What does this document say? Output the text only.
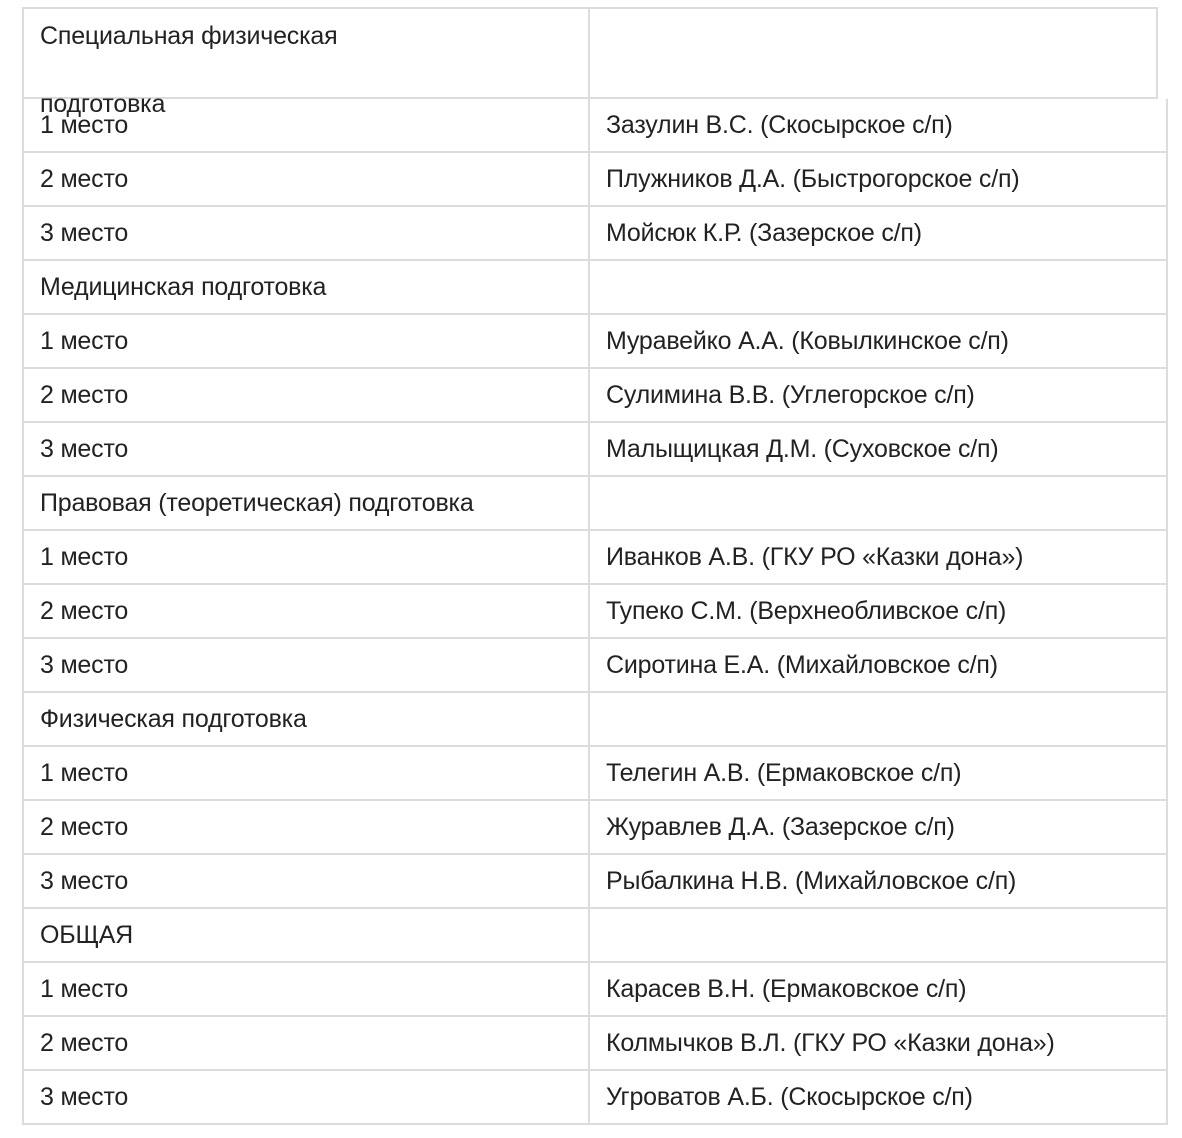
Специальная физическая

подготовка

1 место	Зазулин В.С. (Скосырское с/п)
2 место	Плужников Д.А. (Быстрогорское с/п)
3 место	Мойсюк К.Р. (Зазерское с/п)
Медицинская подготовка
1 место	Муравейко А.А. (Ковылкинское с/п)
2 место	Сулимина В.В. (Углегорское с/п)
3 место	Малыщицкая Д.М. (Суховское с/п)
Правовая (теоретическая) подготовка
1 место	Иванков А.В. (ГКУ РО «Казки дона»)
2 место	Тупеко С.М. (Верхнеобливское с/п)
3 место	Сиротина Е.А. (Михайловское с/п)
Физическая подготовка
1 место	Телегин А.В. (Ермаковское с/п)
2 место	Журавлев Д.А. (Зазерское с/п)
3 место	Рыбалкина Н.В. (Михайловское с/п)
ОБЩАЯ
1 место	Карасев В.Н. (Ермаковское с/п)
2 место	Колмычков В.Л. (ГКУ РО «Казки дона»)
3 место	Угроватов А.Б. (Скосырское с/п)
